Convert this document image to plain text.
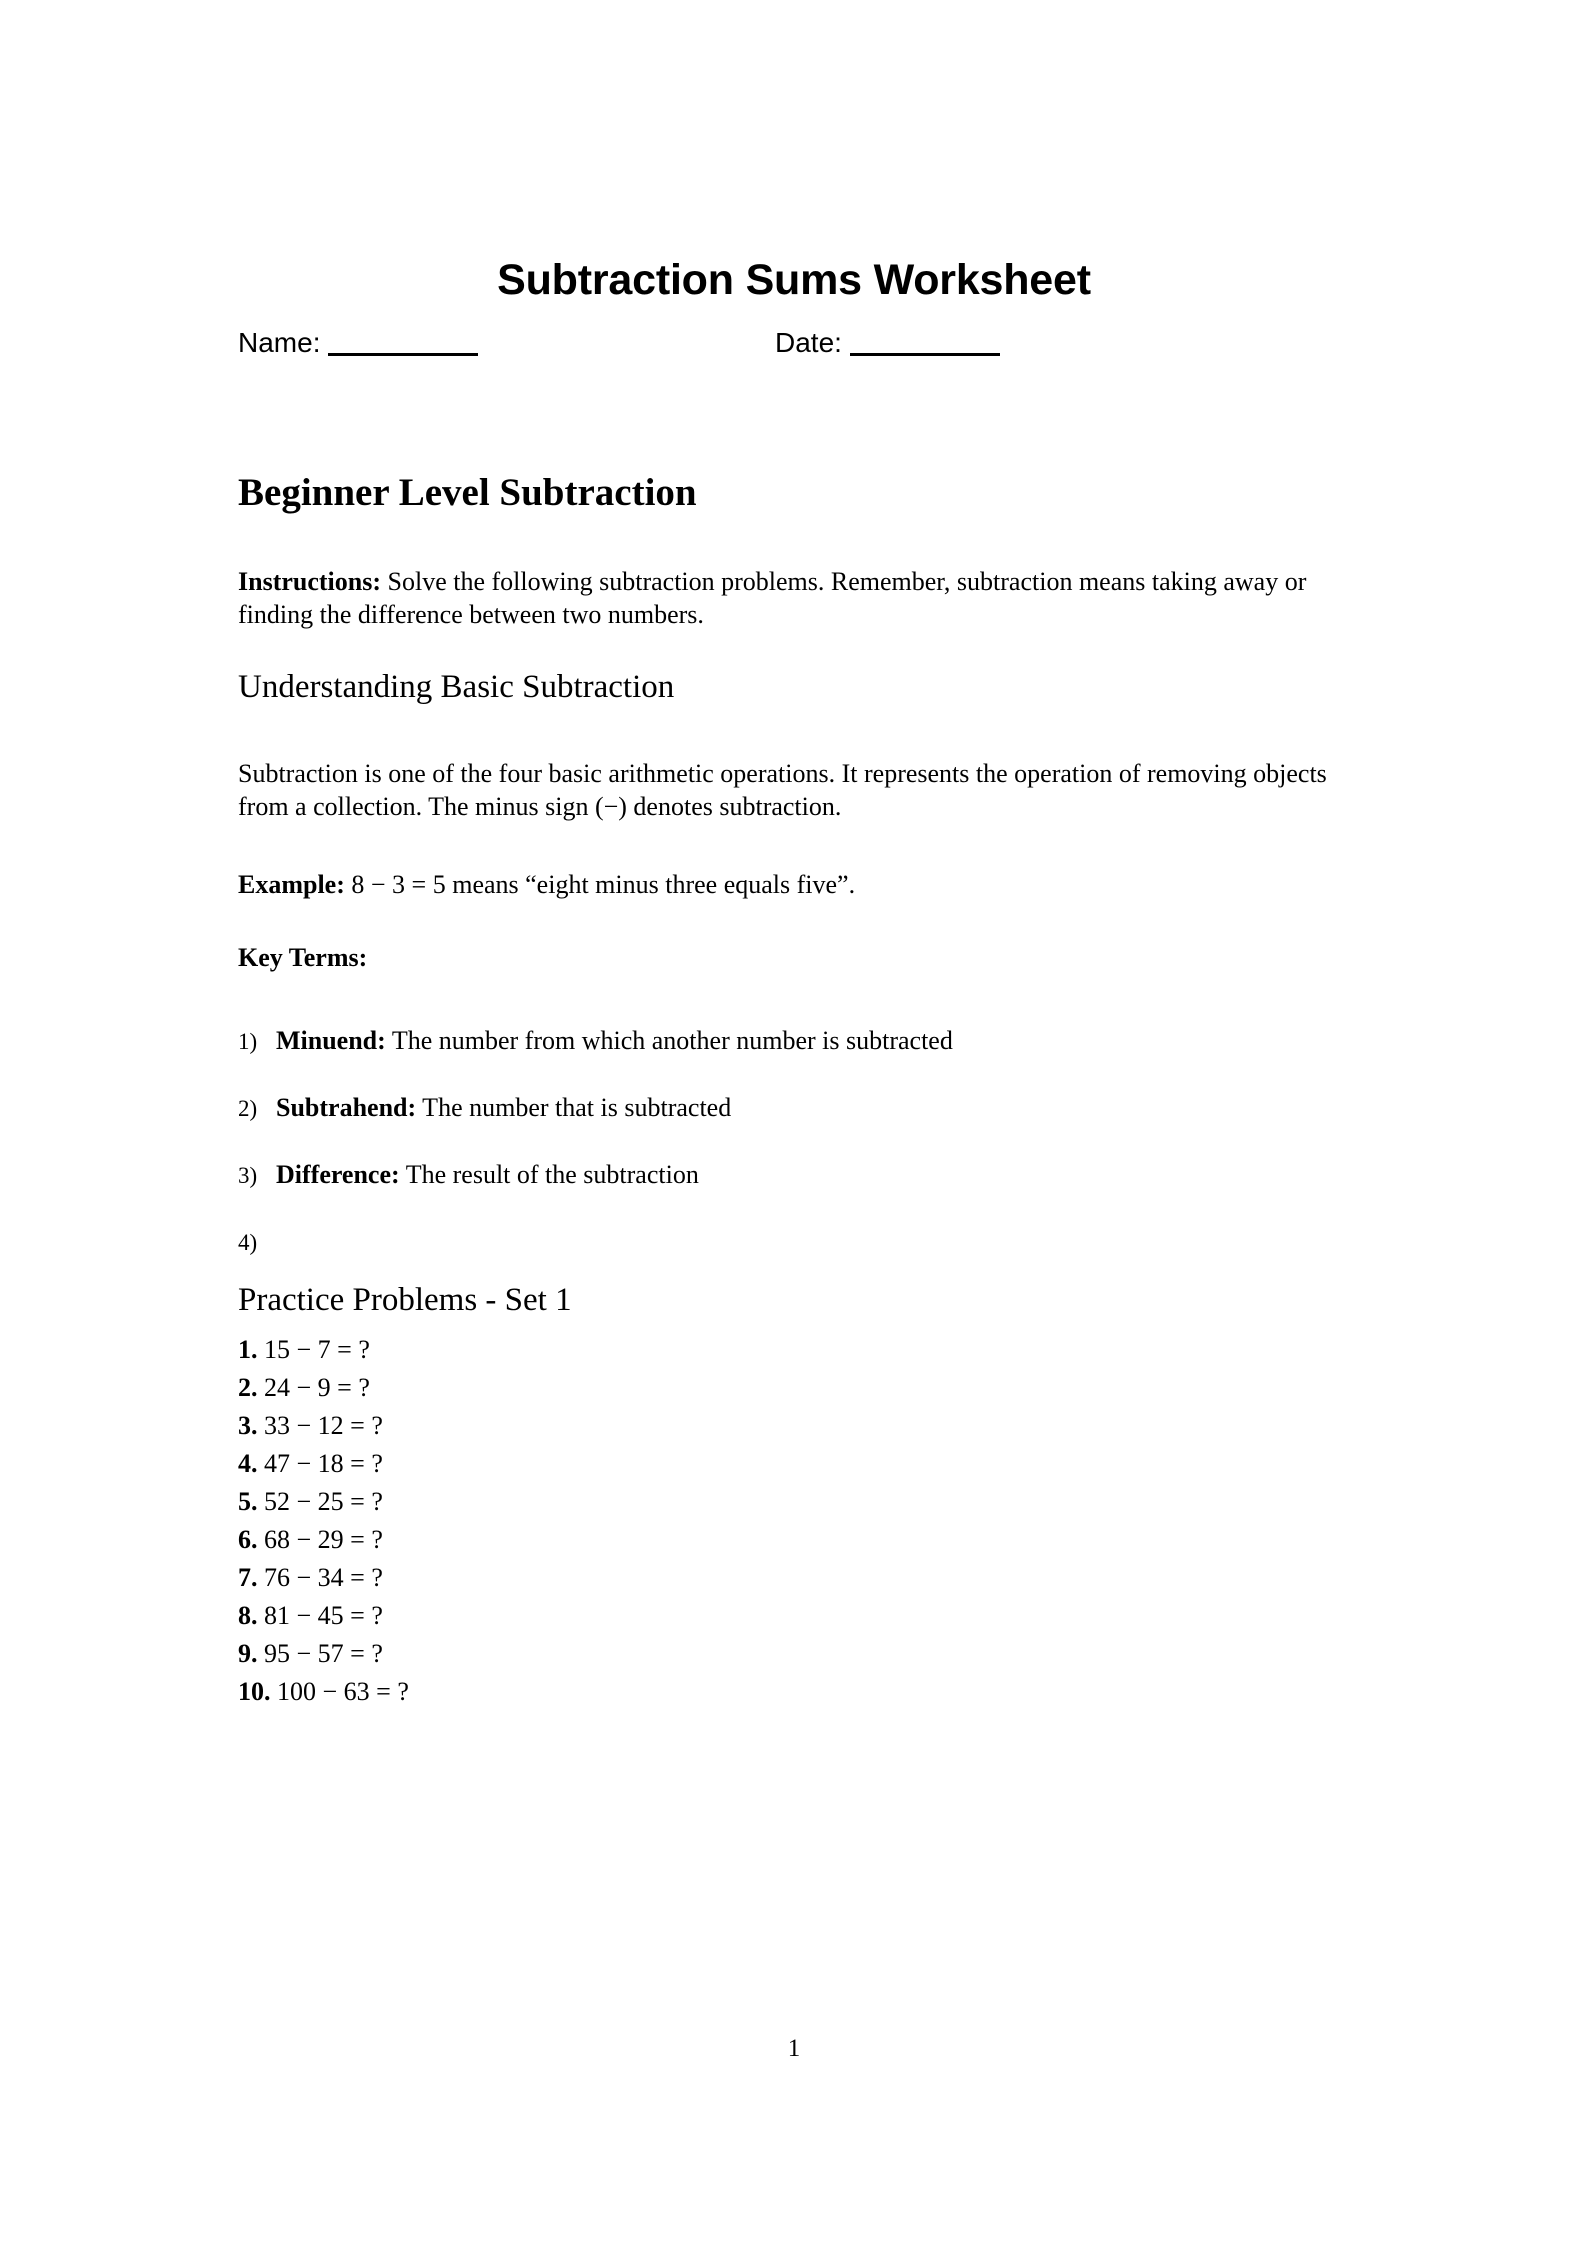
Subtraction Sums Worksheet

Name:

	Date:

Beginner Level Subtraction
Instructions: Solve the following subtraction problems. Remember, subtraction means taking away or finding the difference between two numbers.
Understanding Basic Subtraction
Subtraction is one of the four basic arithmetic operations. It represents the operation of removing objects from a collection. The minus sign (−) denotes subtraction.
Example: 8 − 3 = 5 means “eight minus three equals five”.
Key Terms:
1) Minuend: The number from which another number is subtracted
2) Subtrahend: The number that is subtracted
3) Difference: The result of the subtraction
4)
Practice Problems - Set 1
1. 15 − 7 = ?
2. 24 − 9 = ?
3. 33 − 12 = ?
4. 47 − 18 = ?
5. 52 − 25 = ?
6. 68 − 29 = ?
7. 76 − 34 = ?
8. 81 − 45 = ?
9. 95 − 57 = ?
10. 100 − 63 = ?
1
